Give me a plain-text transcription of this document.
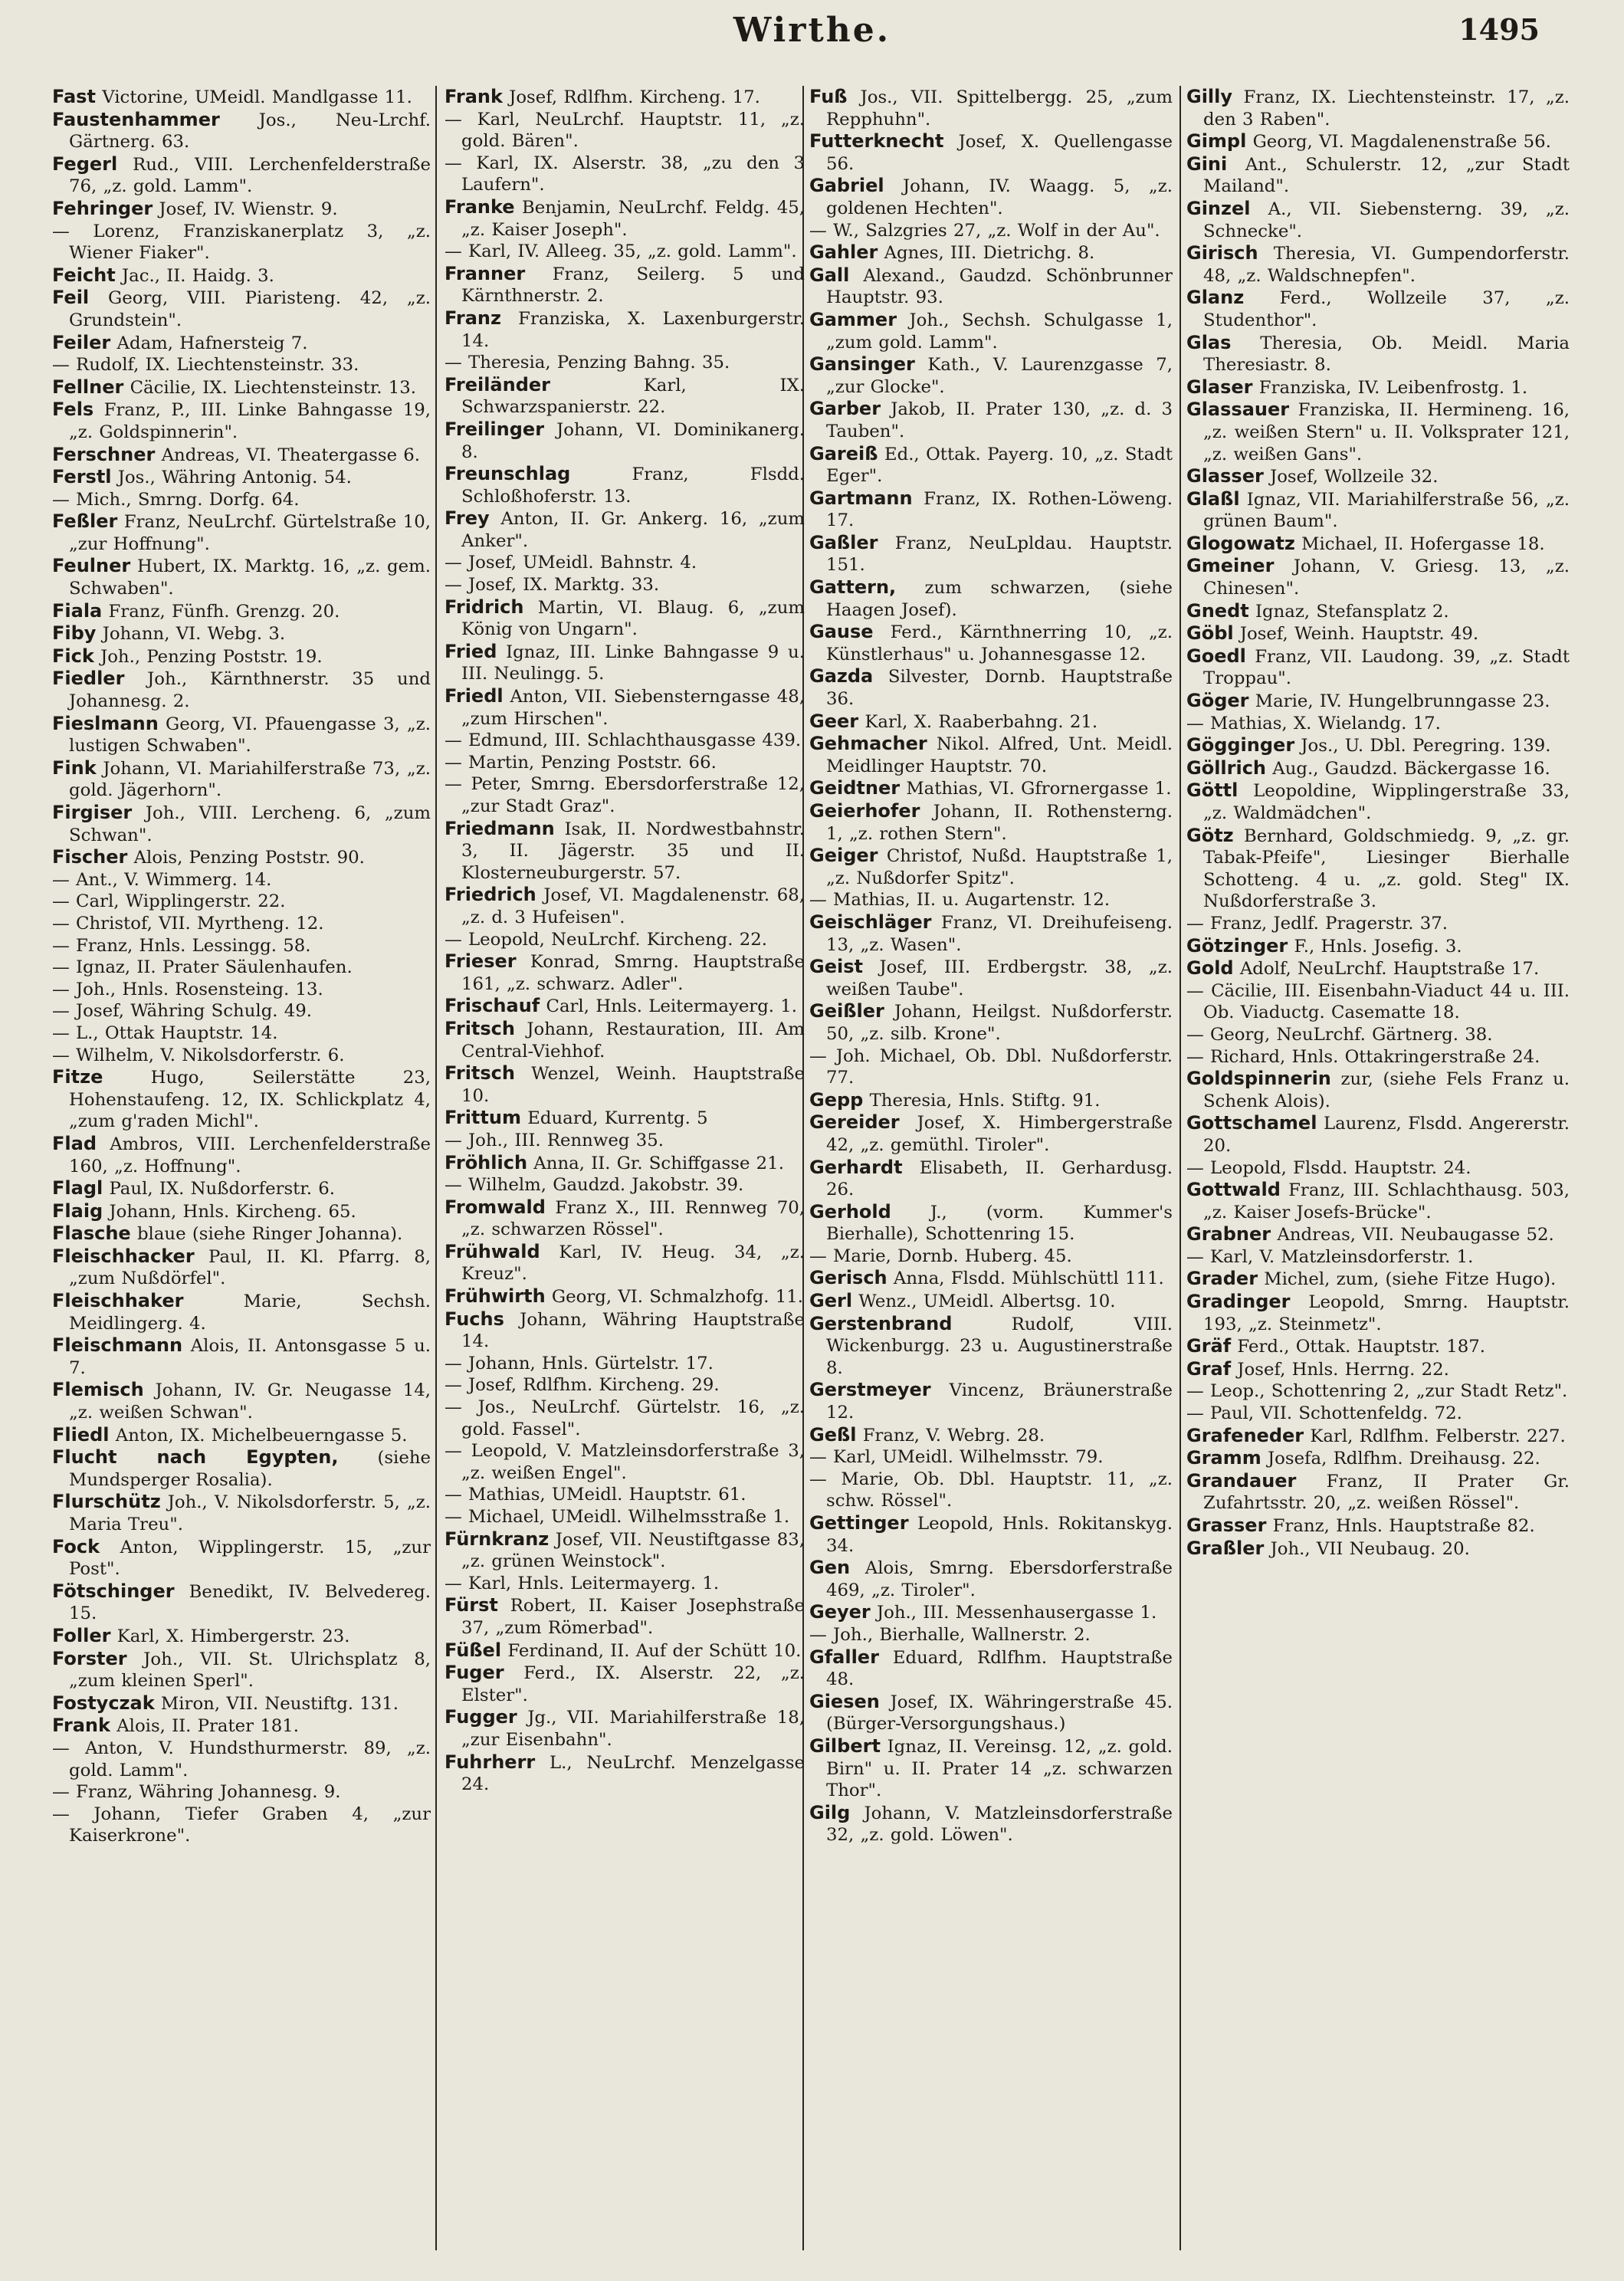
Wirthe.	1495
Fast Victorine, UMeidl. Mandlgasse 11.
Faustenhammer Jos., Neu-Lrchf. Gärtnerg. 63.
Fegerl Rud., VIII. Lerchenfelderstraße 76, „z. gold. Lamm".
Fehringer Josef, IV. Wienstr. 9.
— Lorenz, Franziskanerplatz 3, „z. Wiener Fiaker".
Feicht Jac., II. Haidg. 3.
Feil Georg, VIII. Piaristeng. 42, „z. Grundstein".
Feiler Adam, Hafnersteig 7.
— Rudolf, IX. Liechtensteinstr. 33.
Fellner Cäcilie, IX. Liechtensteinstr. 13.
Fels Franz, P., III. Linke Bahngasse 19, „z. Goldspinnerin".
Ferschner Andreas, VI. Theatergasse 6.
Ferstl Jos., Währing Antonig. 54.
— Mich., Smrng. Dorfg. 64.
Feßler Franz, NeuLrchf. Gürtelstraße 10, „zur Hoffnung".
Feulner Hubert, IX. Marktg. 16, „z. gem. Schwaben".
Fiala Franz, Fünfh. Grenzg. 20.
Fiby Johann, VI. Webg. 3.
Fick Joh., Penzing Poststr. 19.
Fiedler Joh., Kärnthnerstr. 35 und Johannesg. 2.
Fieslmann Georg, VI. Pfauengasse 3, „z. lustigen Schwaben".
Fink Johann, VI. Mariahilferstraße 73, „z. gold. Jägerhorn".
Firgiser Joh., VIII. Lercheng. 6, „zum Schwan".
Fischer Alois, Penzing Poststr. 90.
— Ant., V. Wimmerg. 14.
— Carl, Wipplingerstr. 22.
— Christof, VII. Myrtheng. 12.
— Franz, Hnls. Lessingg. 58.
— Ignaz, II. Prater Säulenhaufen.
— Joh., Hnls. Rosensteing. 13.
— Josef, Währing Schulg. 49.
— L., Ottak Hauptstr. 14.
— Wilhelm, V. Nikolsdorferstr. 6.
Fitze	Hugo, Seilerstätte 23, Hohenstaufeng. 12, IX. Schlickplatz 4, „zum g'raden Michl".
Flad Ambros, VIII. Lerchenfelderstraße 160, „z. Hoffnung".
Flagl Paul, IX. Nußdorferstr. 6.
Flaig Johann, Hnls. Kircheng. 65.
Flasche blaue (siehe Ringer Johanna).
Fleischhacker Paul, II. Kl. Pfarrg. 8, „zum Nußdörfel".
Fleischhaker	Marie, Sechsh. Meidlingerg. 4.
Fleischmann Alois, II. Antonsgasse 5 u. 7.
Flemisch Johann, IV. Gr. Neugasse 14, „z. weißen Schwan".
Fliedl Anton, IX. Michelbeuerngasse 5.
Flucht nach Egypten, (siehe Mundsperger Rosalia).
Flurschütz Joh., V. Nikolsdorferstr. 5, „z. Maria Treu".
Fock Anton, Wipplingerstr. 15, „zur Post".
Fötschinger Benedikt, IV. Belvedereg. 15.
Foller Karl, X. Himbergerstr. 23.
Forster Joh., VII. St. Ulrichsplatz 8, „zum kleinen Sperl".
Fostyczak Miron, VII. Neustiftg. 131.
Frank Alois, II. Prater 181.
— Anton, V. Hundsthurmerstr. 89, „z. gold. Lamm".
— Franz, Währing Johannesg. 9.
— Johann, Tiefer Graben 4, „zur Kaiserkrone".
Frank Josef, Rdlfhm. Kircheng. 17.
— Karl, NeuLrchf. Hauptstr. 11, „z. gold. Bären".
— Karl, IX. Alserstr. 38, „zu den 3 Laufern".
Franke Benjamin, NeuLrchf. Feldg. 45, „z. Kaiser Joseph".
— Karl, IV. Alleeg. 35, „z. gold. Lamm".
Franner Franz, Seilerg. 5 und Kärnthnerstr. 2.
Franz Franziska, X. Laxenburgerstr. 14.
— Theresia, Penzing Bahng. 35.
Freiländer	Karl, IX. Schwarzspanierstr. 22.
Freilinger Johann, VI. Dominikanerg. 8.
Freunschlag	Franz, Flsdd. Schloßhoferstr. 13.
Frey Anton, II. Gr. Ankerg. 16, „zum Anker".
— Josef, UMeidl. Bahnstr. 4.
— Josef, IX. Marktg. 33.
Fridrich Martin, VI. Blaug. 6, „zum König von Ungarn".
Fried Ignaz, III. Linke Bahngasse 9 u. III. Neulingg. 5.
Friedl Anton, VII. Siebensterngasse 48, „zum Hirschen".
— Edmund, III. Schlachthausgasse 439.
— Martin, Penzing Poststr. 66.
— Peter, Smrng. Ebersdorferstraße 12, „zur Stadt Graz".
Friedmann Isak, II. Nordwestbahnstr. 3, II. Jägerstr. 35 und II. Klosterneuburgerstr. 57.
Friedrich Josef, VI. Magdalenenstr. 68, „z. d. 3 Hufeisen".
— Leopold, NeuLrchf. Kircheng. 22.
Frieser Konrad, Smrng. Hauptstraße 161, „z. schwarz. Adler".
Frischauf Carl, Hnls. Leitermayerg. 1.
Fritsch Johann, Restauration, III. Am Central-Viehhof.
Fritsch Wenzel, Weinh. Hauptstraße 10.
Frittum Eduard, Kurrentg. 5
— Joh., III. Rennweg 35.
Fröhlich Anna, II. Gr. Schiffgasse 21.
— Wilhelm, Gaudzd. Jakobstr. 39.
Fromwald Franz X., III. Rennweg 70, „z. schwarzen Rössel".
Frühwald Karl, IV. Heug. 34, „z. Kreuz".
Frühwirth Georg, VI. Schmalzhofg. 11.
Fuchs Johann, Währing Hauptstraße 14.
— Johann, Hnls. Gürtelstr. 17.
— Josef, Rdlfhm. Kircheng. 29.
— Jos., NeuLrchf. Gürtelstr. 16, „z. gold. Fassel".
— Leopold, V. Matzleinsdorferstraße 3, „z. weißen Engel".
— Mathias, UMeidl. Hauptstr. 61.
— Michael, UMeidl. Wilhelmsstraße 1.
Fürnkranz Josef, VII. Neustiftgasse 83, „z. grünen Weinstock".
— Karl, Hnls. Leitermayerg. 1.
Fürst Robert, II. Kaiser Josephstraße 37, „zum Römerbad".
Füßel Ferdinand, II. Auf der Schütt 10.
Fuger Ferd., IX. Alserstr. 22, „z. Elster".
Fugger Jg., VII. Mariahilferstraße 18, „zur Eisenbahn".
Fuhrherr L., NeuLrchf. Menzelgasse 24.
Fuß Jos., VII. Spittelbergg. 25, „zum Repphuhn".
Futterknecht Josef, X. Quellengasse 56.
Gabriel Johann, IV. Waagg. 5, „z. goldenen Hechten".
— W., Salzgries 27, „z. Wolf in der Au".
Gahler Agnes, III. Dietrichg. 8.
Gall Alexand., Gaudzd. Schönbrunner Hauptstr. 93.
Gammer Joh., Sechsh. Schulgasse 1, „zum gold. Lamm".
Gansinger Kath., V. Laurenzgasse 7, „zur Glocke".
Garber Jakob, II. Prater 130, „z. d. 3 Tauben".
Gareiß Ed., Ottak. Payerg. 10, „z. Stadt Eger".
Gartmann Franz, IX. Rothen-Löweng. 17.
Gaßler Franz, NeuLpldau. Hauptstr. 151.
Gattern, zum schwarzen, (siehe Haagen Josef).
Gause Ferd., Kärnthnerring 10, „z. Künstlerhaus" u. Johannesgasse 12.
Gazda Silvester, Dornb. Hauptstraße 36.
Geer Karl, X. Raaberbahng. 21.
Gehmacher Nikol. Alfred, Unt. Meidl. Meidlinger Hauptstr. 70.
Geidtner Mathias, VI. Gfrornergasse 1.
Geierhofer Johann, II. Rothensterng. 1, „z. rothen Stern".
Geiger Christof, Nußd. Hauptstraße 1, „z. Nußdorfer Spitz".
— Mathias, II. u. Augartenstr. 12.
Geischläger Franz, VI. Dreihufeiseng. 13, „z. Wasen".
Geist Josef, III. Erdbergstr. 38, „z. weißen Taube".
Geißler Johann, Heilgst. Nußdorferstr. 50, „z. silb. Krone".
— Joh. Michael, Ob. Dbl. Nußdorferstr. 77.
Gepp Theresia, Hnls. Stiftg. 91.
Gereider Josef, X. Himbergerstraße 42, „z. gemüthl. Tiroler".
Gerhardt Elisabeth, II. Gerhardusg. 26.
Gerhold J., (vorm. Kummer's Bierhalle), Schottenring 15.
— Marie, Dornb. Huberg. 45.
Gerisch Anna, Flsdd. Mühlschüttl 111.
Gerl Wenz., UMeidl. Albertsg. 10.
Gerstenbrand	Rudolf, VIII. Wickenburgg. 23 u. Augustinerstraße 8.
Gerstmeyer Vincenz, Bräunerstraße 12.
Geßl Franz, V. Webrg. 28.
— Karl, UMeidl. Wilhelmsstr. 79.
— Marie, Ob. Dbl. Hauptstr. 11, „z. schw. Rössel".
Gettinger Leopold, Hnls. Rokitanskyg. 34.
Gen Alois, Smrng. Ebersdorferstraße 469, „z. Tiroler".
Geyer Joh., III. Messenhausergasse 1.
— Joh., Bierhalle, Wallnerstr. 2.
Gfaller Eduard, Rdlfhm. Hauptstraße 48.
Giesen Josef, IX. Währingerstraße 45. (Bürger-Versorgungshaus.)
Gilbert Ignaz, II. Vereinsg. 12, „z. gold. Birn" u. II. Prater 14 „z. schwarzen Thor".
Gilg Johann, V. Matzleinsdorferstraße 32, „z. gold. Löwen".
Gilly Franz, IX. Liechtensteinstr. 17, „z. den 3 Raben".
Gimpl Georg, VI. Magdalenenstraße 56.
Gini Ant., Schulerstr. 12, „zur Stadt Mailand".
Ginzel A., VII. Siebensterng. 39, „z. Schnecke".
Girisch Theresia, VI. Gumpendorferstr. 48, „z. Waldschnepfen".
Glanz Ferd., Wollzeile 37, „z. Studenthor".
Glas Theresia, Ob. Meidl. Maria Theresiastr. 8.
Glaser Franziska, IV. Leibenfrostg. 1.
Glassauer Franziska, II. Hermineng. 16, „z. weißen Stern" u. II. Volksprater 121, „z. weißen Gans".
Glasser Josef, Wollzeile 32.
Glaßl Ignaz, VII. Mariahilferstraße 56, „z. grünen Baum".
Glogowatz Michael, II. Hofergasse 18.
Gmeiner Johann, V. Griesg. 13, „z. Chinesen".
Gnedt Ignaz, Stefansplatz 2.
Göbl Josef, Weinh. Hauptstr. 49.
Goedl Franz, VII. Laudong. 39, „z. Stadt Troppau".
Göger Marie, IV. Hungelbrunngasse 23.
— Mathias, X. Wielandg. 17.
Gögginger Jos., U. Dbl. Peregring. 139.
Göllrich Aug., Gaudzd. Bäckergasse 16.
Göttl Leopoldine, Wipplingerstraße 33, „z. Waldmädchen".
Götz Bernhard, Goldschmiedg. 9, „z. gr. Tabak-Pfeife", Liesinger Bierhalle Schotteng. 4 u. „z. gold. Steg" IX. Nußdorferstraße 3.
— Franz, Jedlf. Pragerstr. 37.
Götzinger F., Hnls. Josefig. 3.
Gold Adolf, NeuLrchf. Hauptstraße 17.
— Cäcilie, III. Eisenbahn-Viaduct 44 u. III. Ob. Viaductg. Casematte 18.
— Georg, NeuLrchf. Gärtnerg. 38.
— Richard, Hnls. Ottakringerstraße 24.
Goldspinnerin zur, (siehe Fels Franz u. Schenk Alois).
Gottschamel Laurenz, Flsdd. Angererstr. 20.
— Leopold, Flsdd. Hauptstr. 24.
Gottwald Franz, III. Schlachthausg. 503, „z. Kaiser Josefs-Brücke".
Grabner Andreas, VII. Neubaugasse 52.
— Karl, V. Matzleinsdorferstr. 1.
Grader Michel, zum, (siehe Fitze Hugo).
Gradinger Leopold, Smrng. Hauptstr. 193, „z. Steinmetz".
Gräf Ferd., Ottak. Hauptstr. 187.
Graf Josef, Hnls. Herrng. 22.
— Leop., Schottenring 2, „zur Stadt Retz".
— Paul, VII. Schottenfeldg. 72.
Grafeneder Karl, Rdlfhm. Felberstr. 227.
Gramm Josefa, Rdlfhm. Dreihausg. 22.
Grandauer Franz, II Prater Gr. Zufahrtsstr. 20, „z. weißen Rössel".
Grasser Franz, Hnls. Hauptstraße 82.
Graßler Joh., VII Neubaug. 20.
